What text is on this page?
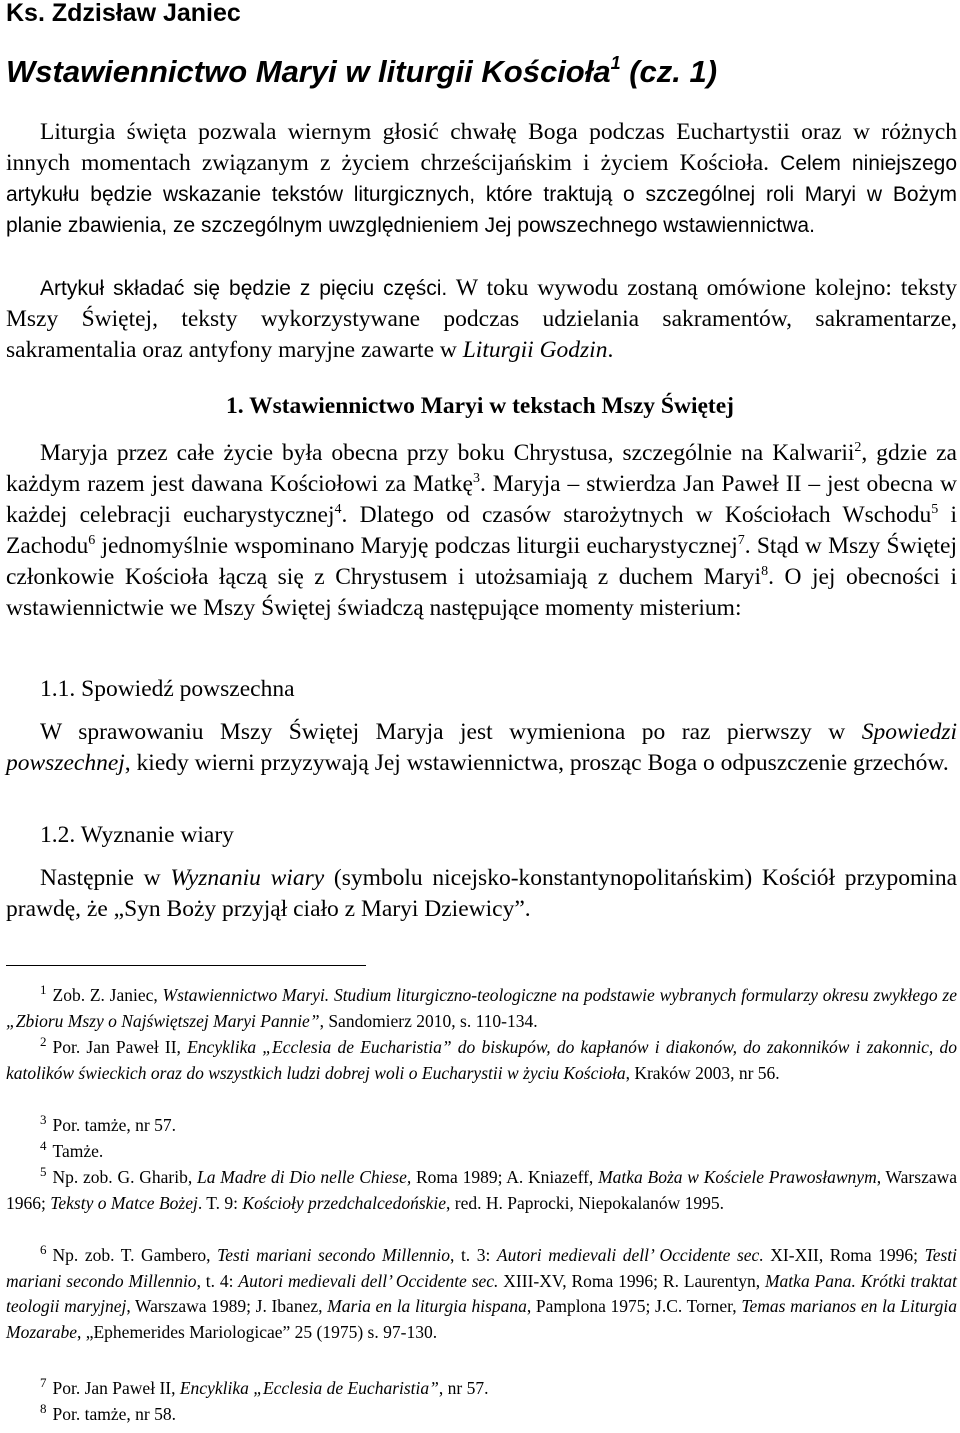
Ks. Zdzisław Janiec
Wstawiennictwo Maryi w liturgii Kościoła$^1$ (cz. 1)
Liturgia święta pozwala wiernym głosić chwałę Boga podczas Euchartystii oraz w różnych innych momentach związanym z życiem chrześcijańskim i życiem Kościoła. Celem niniejszego artykułu będzie wskazanie tekstów liturgicznych, które traktują o szczególnej roli Maryi w Bożym planie zbawienia, ze szczególnym uwzględnieniem Jej powszechnego wstawiennictwa.
Artykuł składać się będzie z pięciu części. W toku wywodu zostaną omówione kolejno: teksty Mszy Świętej, teksty wykorzystywane podczas udzielania sakramentów, sakramentarze, sakramentalia oraz antyfony maryjne zawarte w Liturgii Godzin.
1. Wstawiennictwo Maryi w tekstach Mszy Świętej
Maryja przez całe życie była obecna przy boku Chrystusa, szczególnie na Kalwarii$^2$, gdzie za każdym razem jest dawana Kościołowi za Matkę$^3$. Maryja – stwierdza Jan Paweł II – jest obecna w każdej celebracji eucharystycznej$^4$. Dlatego od czasów starożytnych w Kościołach Wschodu$^5$ i Zachodu$^6$ jednomyślnie wspominano Maryję podczas liturgii eucharystycznej$^7$. Stąd w Mszy Świętej członkowie Kościoła łączą się z Chrystusem i utożsamiają z duchem Maryi$^8$. O jej obecności i wstawiennictwie we Mszy Świętej świadczą następujące momenty misterium:
1.1. Spowiedź powszechna
W sprawowaniu Mszy Świętej Maryja jest wymieniona po raz pierwszy w Spowiedzi powszechnej, kiedy wierni przyzywają Jej wstawiennictwa, prosząc Boga o odpuszczenie grzechów.
1.2. Wyznanie wiary
Następnie w Wyznaniu wiary (symbolu nicejsko-konstantynopolitańskim) Kościół przypomina prawdę, że „Syn Boży przyjął ciało z Maryi Dziewicy”.
$^1$ Zob. Z. Janiec, Wstawiennictwo Maryi. Studium liturgiczno-teologiczne na podstawie wybranych formularzy okresu zwykłego ze „Zbioru Mszy o Najświętszej Maryi Pannie”, Sandomierz 2010, s. 110-134.
$^2$ Por. Jan Paweł II, Encyklika „Ecclesia de Eucharistia” do biskupów, do kapłanów i diakonów, do zakonników i zakonnic, do katolików świeckich oraz do wszystkich ludzi dobrej woli o Eucharystii w życiu Kościoła, Kraków 2003, nr 56.
$^3$ Por. tamże, nr 57.
$^4$ Tamże.
$^5$ Np. zob. G. Gharib, La Madre di Dio nelle Chiese, Roma 1989; A. Kniazeff, Matka Boża w Kościele Prawosławnym, Warszawa 1966; Teksty o Matce Bożej. T. 9: Kościoły przedchalcedońskie, red. H. Paprocki, Niepokalanów 1995.
$^6$ Np. zob. T. Gambero, Testi mariani secondo Millennio, t. 3: Autori medievali dell’ Occidente sec. XI-XII, Roma 1996; Testi mariani secondo Millennio, t. 4: Autori medievali dell’ Occidente sec. XIII-XV, Roma 1996; R. Laurentyn, Matka Pana. Krótki traktat teologii maryjnej, Warszawa 1989; J. Ibanez, Maria en la liturgia hispana, Pamplona 1975; J.C. Torner, Temas marianos en la Liturgia Mozarabe, „Ephemerides Mariologicae” 25 (1975) s. 97-130.
$^7$ Por. Jan Paweł II, Encyklika „Ecclesia de Eucharistia”, nr 57.
$^8$ Por. tamże, nr 58.
